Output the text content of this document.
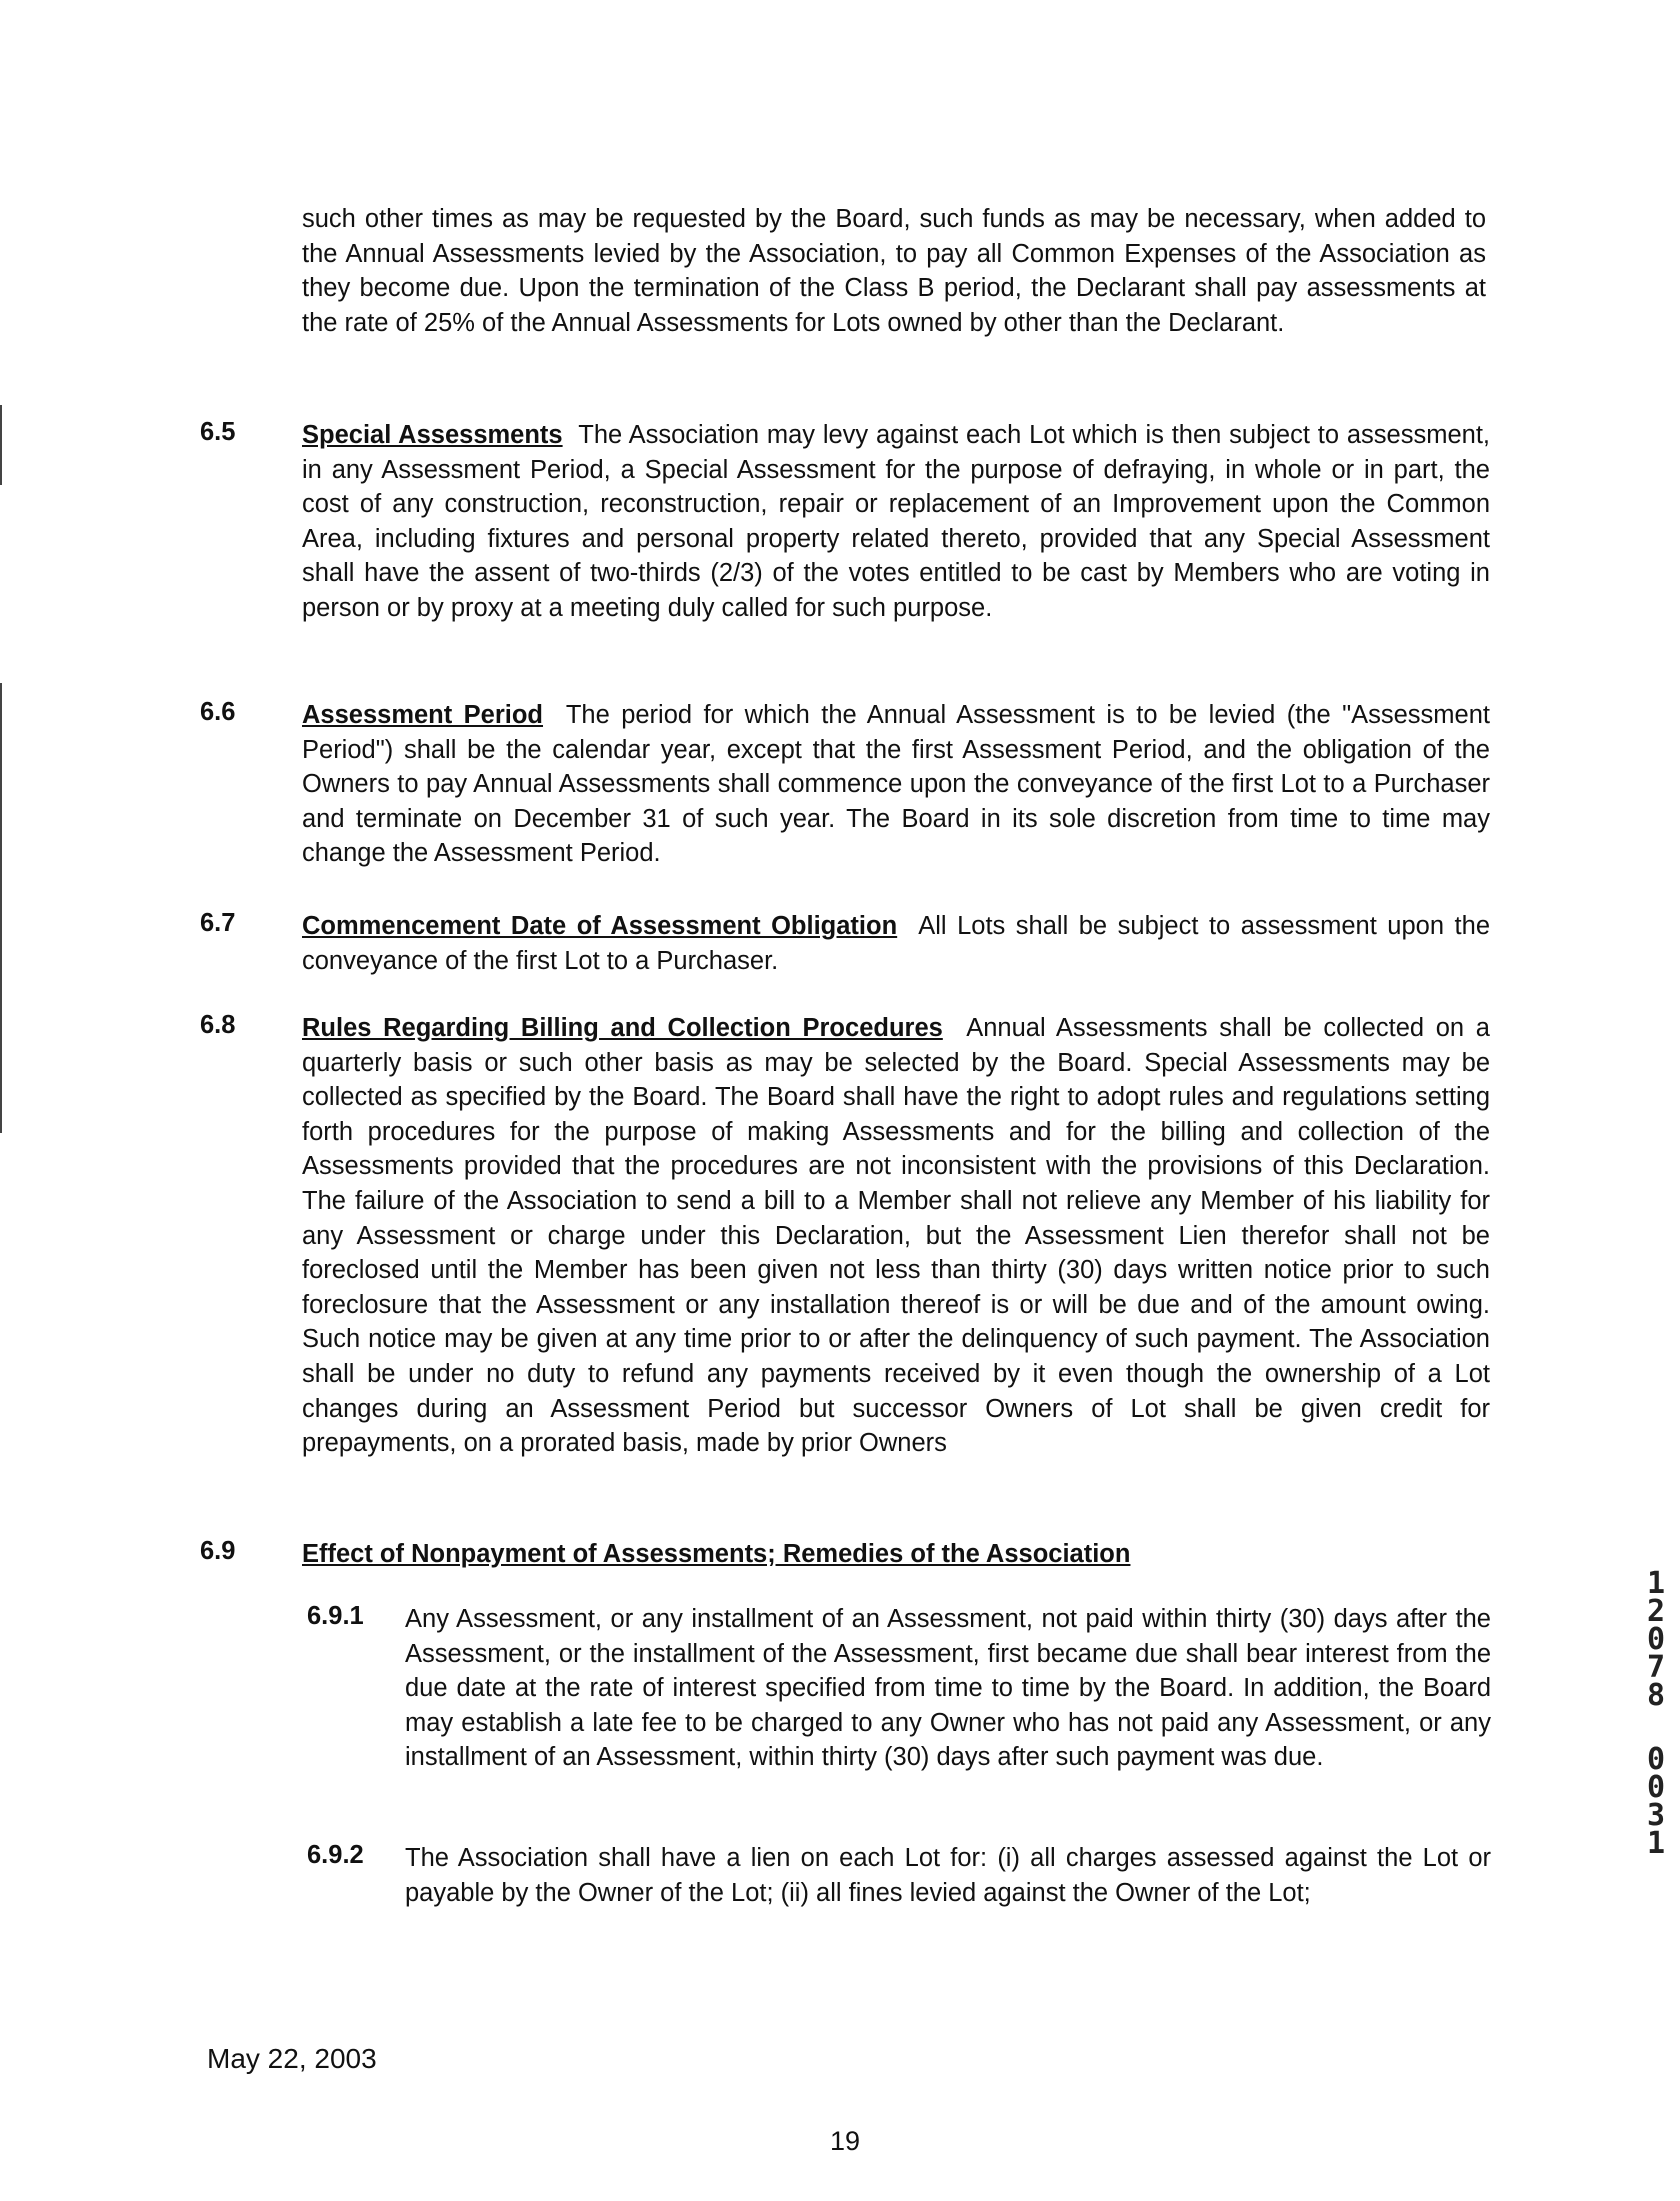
such other times as may be requested by the Board, such funds as may be necessary, when added to the Annual Assessments levied by the Association, to pay all Common Expenses of the Association as they become due. Upon the termination of the Class B period, the Declarant shall pay assessments at the rate of 25% of the Annual Assessments for Lots owned by other than the Declarant.
6.5	Special Assessments The Association may levy against each Lot which is then subject to assessment, in any Assessment Period, a Special Assessment for the purpose of defraying, in whole or in part, the cost of any construction, reconstruction, repair or replacement of an Improvement upon the Common Area, including fixtures and personal property related thereto, provided that any Special Assessment shall have the assent of two-thirds (2/3) of the votes entitled to be cast by Members who are voting in person or by proxy at a meeting duly called for such purpose.
6.6	Assessment Period The period for which the Annual Assessment is to be levied (the "Assessment Period") shall be the calendar year, except that the first Assessment Period, and the obligation of the Owners to pay Annual Assessments shall commence upon the conveyance of the first Lot to a Purchaser and terminate on December 31 of such year. The Board in its sole discretion from time to time may change the Assessment Period.
6.7	Commencement Date of Assessment Obligation All Lots shall be subject to assessment upon the conveyance of the first Lot to a Purchaser.
6.8	Rules Regarding Billing and Collection Procedures Annual Assessments shall be collected on a quarterly basis or such other basis as may be selected by the Board. Special Assessments may be collected as specified by the Board. The Board shall have the right to adopt rules and regulations setting forth procedures for the purpose of making Assessments and for the billing and collection of the Assessments provided that the procedures are not inconsistent with the provisions of this Declaration. The failure of the Association to send a bill to a Member shall not relieve any Member of his liability for any Assessment or charge under this Declaration, but the Assessment Lien therefor shall not be foreclosed until the Member has been given not less than thirty (30) days written notice prior to such foreclosure that the Assessment or any installation thereof is or will be due and of the amount owing. Such notice may be given at any time prior to or after the delinquency of such payment. The Association shall be under no duty to refund any payments received by it even though the ownership of a Lot changes during an Assessment Period but successor Owners of Lot shall be given credit for prepayments, on a prorated basis, made by prior Owners
6.9	Effect of Nonpayment of Assessments; Remedies of the Association
6.9.1 Any Assessment, or any installment of an Assessment, not paid within thirty (30) days after the Assessment, or the installment of the Assessment, first became due shall bear interest from the due date at the rate of interest specified from time to time by the Board. In addition, the Board may establish a late fee to be charged to any Owner who has not paid any Assessment, or any installment of an Assessment, within thirty (30) days after such payment was due.
6.9.2 The Association shall have a lien on each Lot for: (i) all charges assessed against the Lot or payable by the Owner of the Lot; (ii) all fines levied against the Owner of the Lot;
May 22, 2003
19
1
2
0
7
8
0
0
3
1
